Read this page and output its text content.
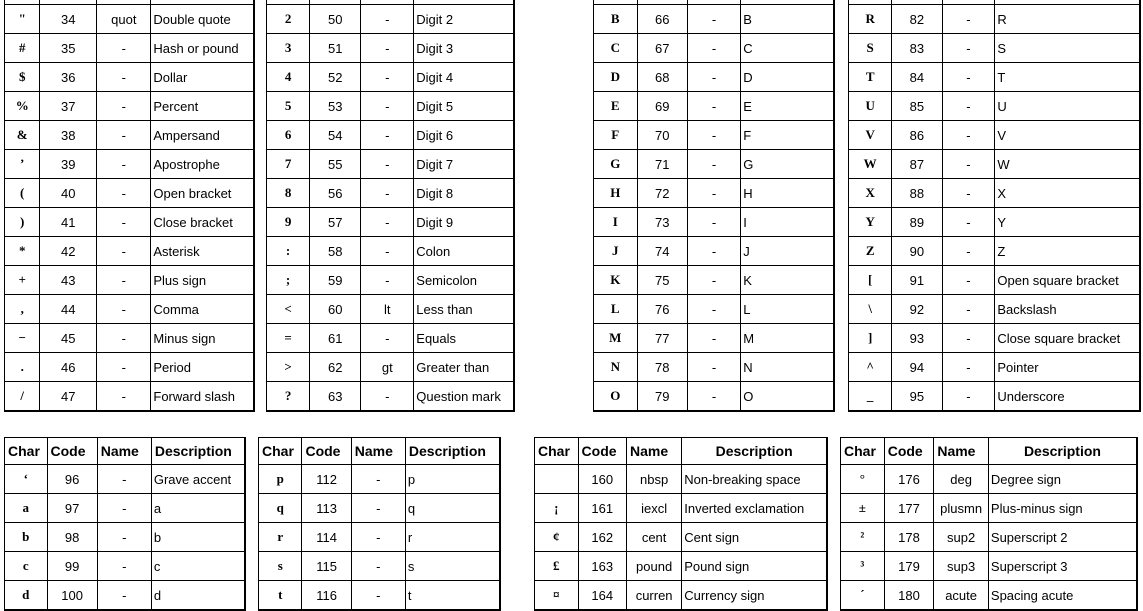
"	34	quot	Double quote
#	35	-	Hash or pound
$	36	-	Dollar
%	37	-	Percent
&	38	-	Ampersand
’	39	-	Apostrophe
(	40	-	Open bracket
)	41	-	Close bracket
*	42	-	Asterisk
+	43	-	Plus sign
,	44	-	Comma
−	45	-	Minus sign
.	46	-	Period
/	47	-	Forward slash

2	50	-	Digit 2
3	51	-	Digit 3
4	52	-	Digit 4
5	53	-	Digit 5
6	54	-	Digit 6
7	55	-	Digit 7
8	56	-	Digit 8
9	57	-	Digit 9
:	58	-	Colon
;	59	-	Semicolon
<	60	lt	Less than
=	61	-	Equals
>	62	gt	Greater than
?	63	-	Question mark

B	66	-	B
C	67	-	C
D	68	-	D
E	69	-	E
F	70	-	F
G	71	-	G
H	72	-	H
I	73	-	I
J	74	-	J
K	75	-	K
L	76	-	L
M	77	-	M
N	78	-	N
O	79	-	O

R	82	-	R
S	83	-	S
T	84	-	T
U	85	-	U
V	86	-	V
W	87	-	W
X	88	-	X
Y	89	-	Y
Z	90	-	Z
[	91	-	Open square bracket
\	92	-	Backslash
]	93	-	Close square bracket
^	94	-	Pointer
_	95	-	Underscore
Char	Code	Name	Description
‘	96	-	Grave accent
a	97	-	a
b	98	-	b
c	99	-	c
d	100	-	d
Char	Code	Name	Description
p	112	-	p
q	113	-	q
r	114	-	r
s	115	-	s
t	116	-	t
Char	Code	Name	Description
	160	nbsp	Non-breaking space
¡	161	iexcl	Inverted exclamation
¢	162	cent	Cent sign
£	163	pound	Pound sign
¤	164	curren	Currency sign
Char	Code	Name	Description
°	176	deg	Degree sign
±	177	plusmn	Plus-minus sign
²	178	sup2	Superscript 2
³	179	sup3	Superscript 3
´	180	acute	Spacing acute
